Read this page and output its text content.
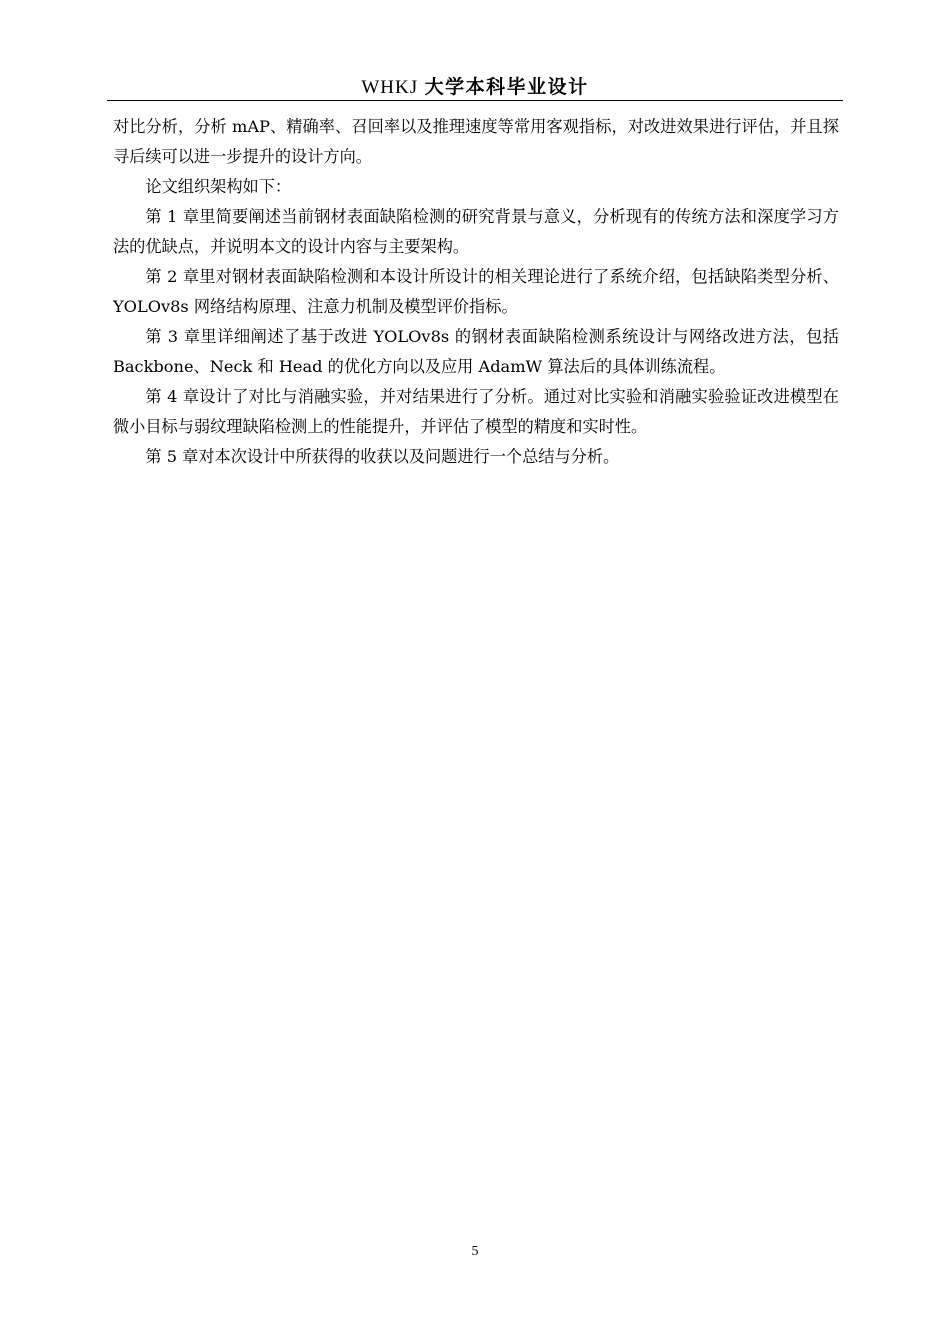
WHKJ 大学本科毕业设计

对比分析，分析 mAP、精确率、召回率以及推理速度等常用客观指标，对改进效果进行评估，并且探寻后续可以进一步提升的设计方向。

论文组织架构如下：

第 1 章里简要阐述当前钢材表面缺陷检测的研究背景与意义，分析现有的传统方法和深度学习方法的优缺点，并说明本文的设计内容与主要架构。

第 2 章里对钢材表面缺陷检测和本设计所设计的相关理论进行了系统介绍，包括缺陷类型分析、YOLOv8s 网络结构原理、注意力机制及模型评价指标。

第 3 章里详细阐述了基于改进 YOLOv8s 的钢材表面缺陷检测系统设计与网络改进方法，包括 Backbone、Neck 和 Head 的优化方向以及应用 AdamW 算法后的具体训练流程。

第 4 章设计了对比与消融实验，并对结果进行了分析。通过对比实验和消融实验验证改进模型在微小目标与弱纹理缺陷检测上的性能提升，并评估了模型的精度和实时性。

第 5 章对本次设计中所获得的收获以及问题进行一个总结与分析。

5
